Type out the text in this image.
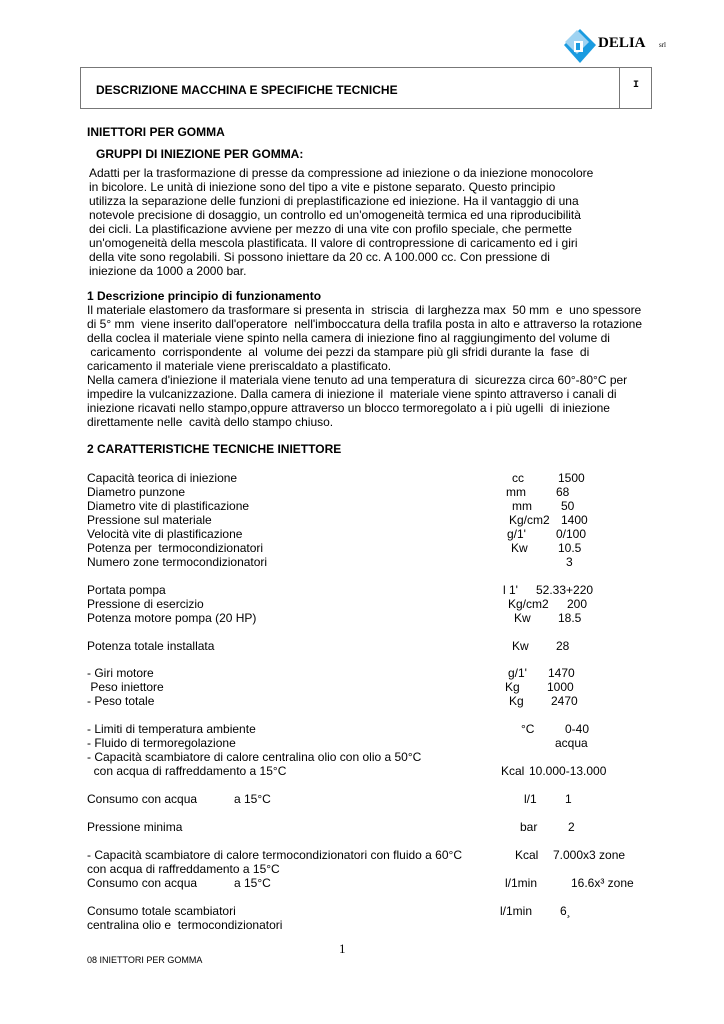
DELIA srl
DESCRIZIONE MACCHINA E SPECIFICHE TECNICHE	I
INIETTORI PER GOMMA
GRUPPI DI INIEZIONE PER GOMMA:
Adatti per la trasformazione di presse da compressione ad iniezione o da iniezione monocolore
in bicolore. Le unità di iniezione sono del tipo a vite e pistone separato. Questo principio
utilizza la separazione delle funzioni di preplastificazione ed iniezione. Ha il vantaggio di una
notevole precisione di dosaggio, un controllo ed un'omogeneità termica ed una riproducibilità
dei cicli. La plastificazione avviene per mezzo di una vite con profilo speciale, che permette
un'omogeneità della mescola plastificata. Il valore di contropressione di caricamento ed i giri
della vite sono regolabili. Si possono iniettare da 20 cc. A 100.000 cc. Con pressione di
iniezione da 1000 a 2000 bar.
1 Descrizione principio di funzionamento
Il materiale elastomero da trasformare si presenta in  striscia  di larghezza max  50 mm  e  uno spessore
di 5° mm  viene inserito dall'operatore  nell'imboccatura della trafila posta in alto e attraverso la rotazione
della coclea il materiale viene spinto nella camera di iniezione fino al raggiungimento del volume di
caricamento  corrispondente  al  volume dei pezzi da stampare più gli sfridi durante la  fase  di
caricamento il materiale viene preriscaldato a plastificato.
Nella camera d'iniezione il materiala viene tenuto ad una temperatura di  sicurezza circa 60°-80°C per
impedire la vulcanizzazione. Dalla camera di iniezione il  materiale viene spinto attraverso i canali di
iniezione ricavati nello stampo,oppure attraverso un blocco termoregolato a i più ugelli  di iniezione
direttamente nelle  cavità dello stampo chiuso.
2 CARATTERISTICHE TECNICHE INIETTORE
Capacità teorica di iniezione	cc	1500
Diametro punzone	mm	68
Diametro vite di plastificazione	mm 50
Pressione sul materiale	Kg/cm2 1400
Velocità vite di plastificazione	g/1'	0/100
Potenza per  termocondizionatori	Kw	10.5
Numero zone termocondizionatori	3
Portata pompa	l 1' 52.33+220
Pressione di esercizio	Kg/cm2 200
Potenza motore pompa (20 HP)	Kw 18.5
Potenza totale installata	Kw 28
- Giri motore	g/1' 1470
Peso iniettore	Kg 1000
- Peso totale	Kg 2470
- Limiti di temperatura ambiente	°C	0-40
- Fluido di termoregolazione	acqua
- Capacità scambiatore di calore centralina olio con olio a 50°C
con acqua di raffreddamento a 15°C	Kcal 10.000-13.000
Consumo con acqua	a 15°C	l/1 1
Pressione minima	bar	2
- Capacità scambiatore di calore termocondizionatori con fluido a 60°C	Kcal 7.000x3 zone
con acqua di raffreddamento a 15°C
Consumo con acqua	a 15°C	l/1min	16.6x³ zone
Consumo totale scambiatori	l/1min 6¸
centralina olio e  termocondizionatori
1
08 INIETTORI PER GOMMA
